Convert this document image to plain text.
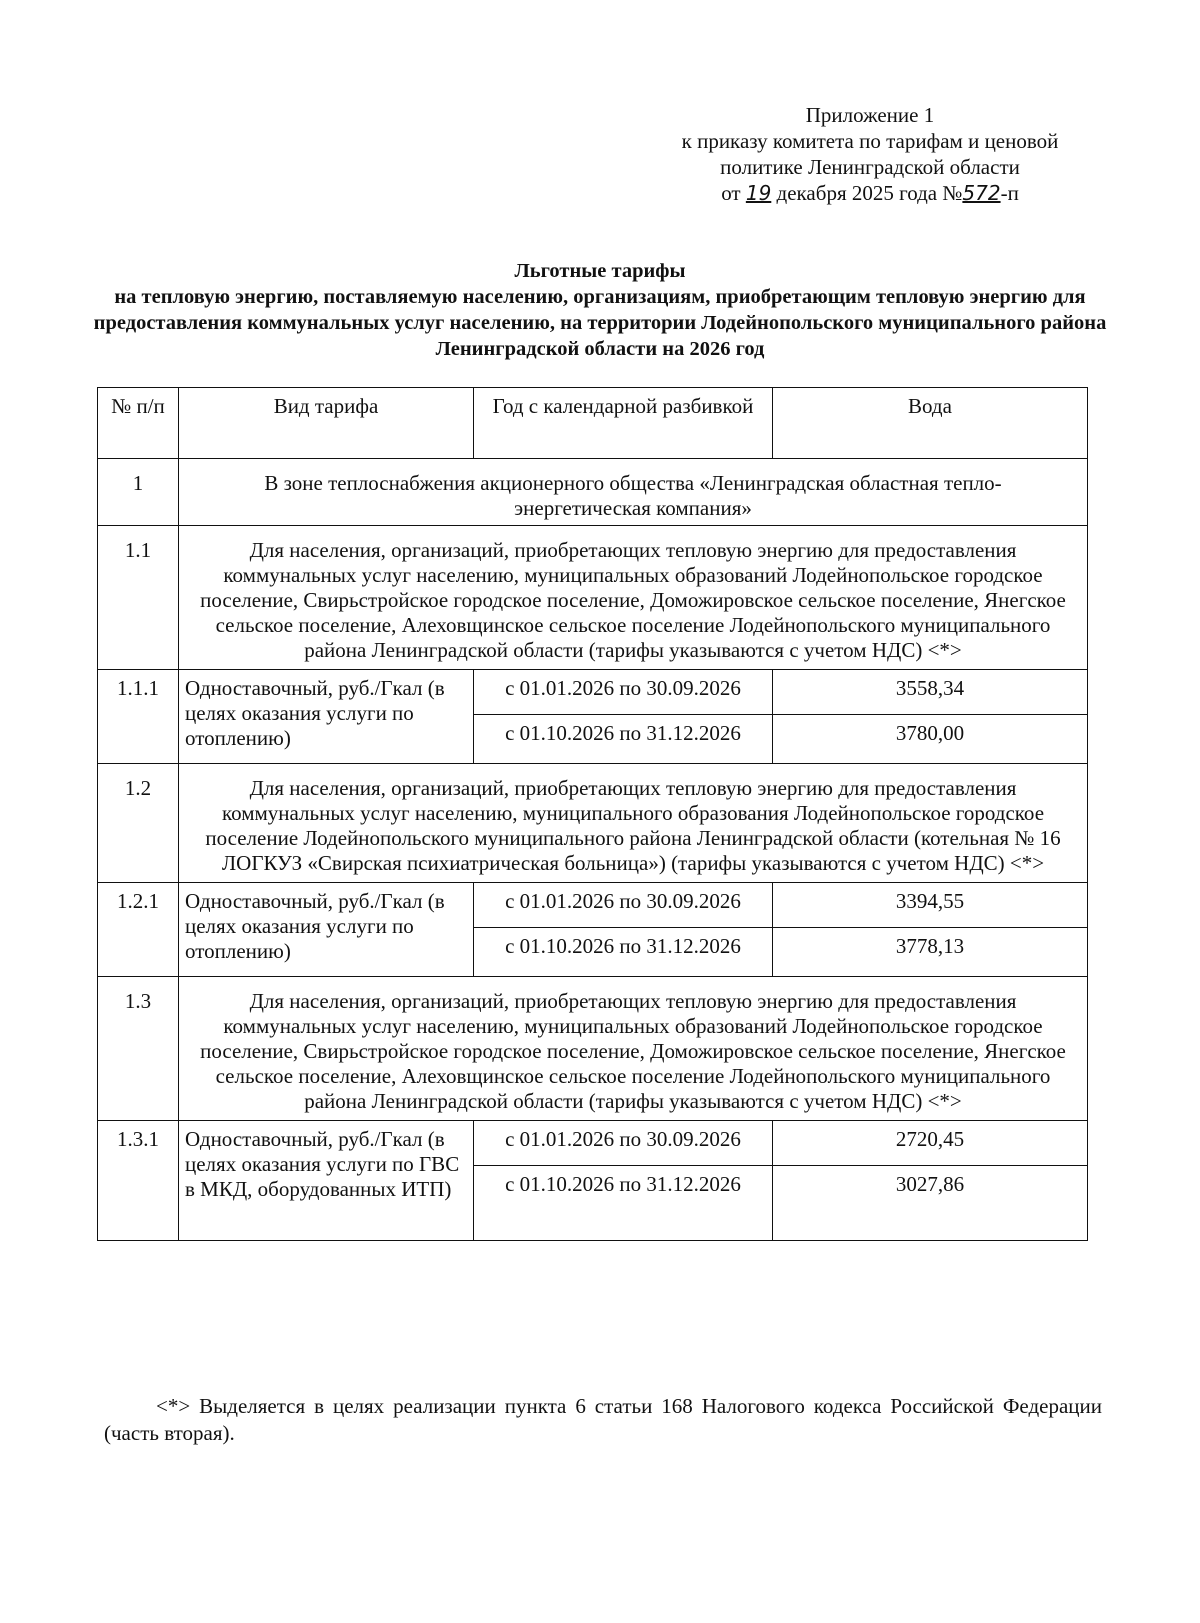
Приложение 1
к приказу комитета по тарифам и ценовой
политике Ленинградской области
от 19 декабря 2025 года №572-п
Льготные тарифы
на тепловую энергию, поставляемую населению, организациям, приобретающим тепловую энергию для предоставления коммунальных услуг населению, на территории Лодейнопольского муниципального района Ленинградской области на 2026 год
№ п/п	Вид тарифа	Год с календарной разбивкой	Вода
1	В зоне теплоснабжения акционерного общества «Ленинградская областная тепло-энергетическая компания»		
1.1	Для населения, организаций, приобретающих тепловую энергию для предоставления коммунальных услуг населению, муниципальных образований Лодейнопольское городское поселение, Свирьстройское городское поселение, Доможировское сельское поселение, Янегское сельское поселение, Алеховщинское сельское поселение Лодейнопольского муниципального района Ленинградской области (тарифы указываются с учетом НДС) <*>		
1.1.1	Одноставочный, руб./Гкал (в целях оказания услуги по отоплению)	с 01.01.2026 по 30.09.2026	3558,34
		с 01.10.2026 по 31.12.2026	3780,00
1.2	Для населения, организаций, приобретающих тепловую энергию для предоставления коммунальных услуг населению, муниципального образования Лодейнопольское городское поселение Лодейнопольского муниципального района Ленинградской области (котельная № 16 ЛОГКУЗ «Свирская психиатрическая больница») (тарифы указываются с учетом НДС) <*>		
1.2.1	Одноставочный, руб./Гкал (в целях оказания услуги по отоплению)	с 01.01.2026 по 30.09.2026	3394,55
		с 01.10.2026 по 31.12.2026	3778,13
1.3	Для населения, организаций, приобретающих тепловую энергию для предоставления коммунальных услуг населению, муниципальных образований Лодейнопольское городское поселение, Свирьстройское городское поселение, Доможировское сельское поселение, Янегское сельское поселение, Алеховщинское сельское поселение Лодейнопольского муниципального района Ленинградской области (тарифы указываются с учетом НДС) <*>		
1.3.1	Одноставочный, руб./Гкал (в целях оказания услуги по ГВС в МКД, оборудованных ИТП)	с 01.01.2026 по 30.09.2026	2720,45
		с 01.10.2026 по 31.12.2026	3027,86
<*> Выделяется в целях реализации пункта 6 статьи 168 Налогового кодекса Российской Федерации (часть вторая).
